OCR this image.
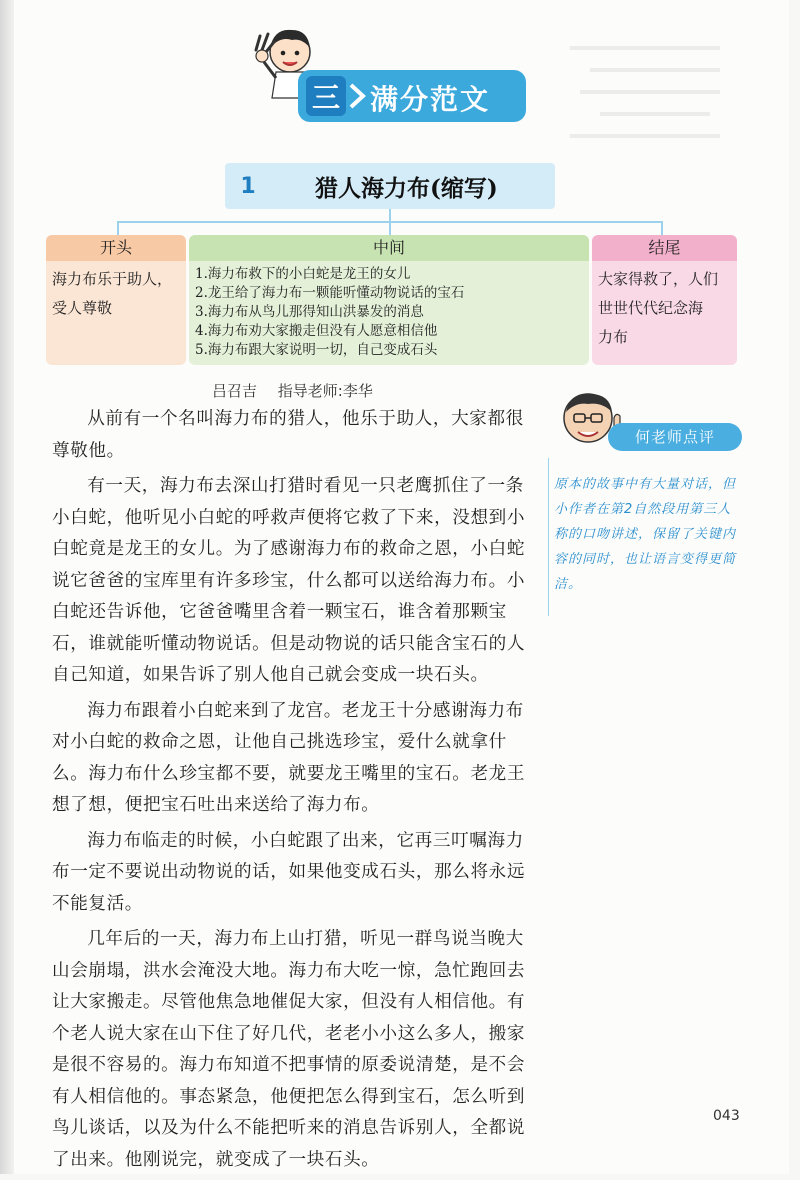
三 满分范文
1	猎人海力布(缩写)
开头
海力布乐于助人，
受人尊敬
中间
1.海力布救下的小白蛇是龙王的女儿
2.龙王给了海力布一颗能听懂动物说话的宝石
3.海力布从鸟儿那得知山洪暴发的消息
4.海力布劝大家搬走但没有人愿意相信他
5.海力布跟大家说明一切，自己变成石头
结尾
大家得救了，人们
世世代代纪念海
力布
吕召吉 指导老师:李华

从前有一个名叫海力布的猎人，他乐于助人，大家都很尊敬他。

有一天，海力布去深山打猎时看见一只老鹰抓住了一条小白蛇，他听见小白蛇的呼救声便将它救了下来，没想到小白蛇竟是龙王的女儿。为了感谢海力布的救命之恩，小白蛇说它爸爸的宝库里有许多珍宝，什么都可以送给海力布。小白蛇还告诉他，它爸爸嘴里含着一颗宝石，谁含着那颗宝石，谁就能听懂动物说话。但是动物说的话只能含宝石的人自己知道，如果告诉了别人他自己就会变成一块石头。

海力布跟着小白蛇来到了龙宫。老龙王十分感谢海力布对小白蛇的救命之恩，让他自己挑选珍宝，爱什么就拿什么。海力布什么珍宝都不要，就要龙王嘴里的宝石。老龙王想了想，便把宝石吐出来送给了海力布。

海力布临走的时候，小白蛇跟了出来，它再三叮嘱海力布一定不要说出动物说的话，如果他变成石头，那么将永远不能复活。

几年后的一天，海力布上山打猎，听见一群鸟说当晚大山会崩塌，洪水会淹没大地。海力布大吃一惊，急忙跑回去让大家搬走。尽管他焦急地催促大家，但没有人相信他。有个老人说大家在山下住了好几代，老老小小这么多人，搬家是很不容易的。海力布知道不把事情的原委说清楚，是不会有人相信他的。事态紧急，他便把怎么得到宝石，怎么听到鸟儿谈话，以及为什么不能把听来的消息告诉别人，全都说了出来。他刚说完，就变成了一块石头。

何老师点评
原本的故事中有大量对话，但小作者在第2自然段用第三人称的口吻讲述，保留了关键内容的同时，也让语言变得更简洁。
043
